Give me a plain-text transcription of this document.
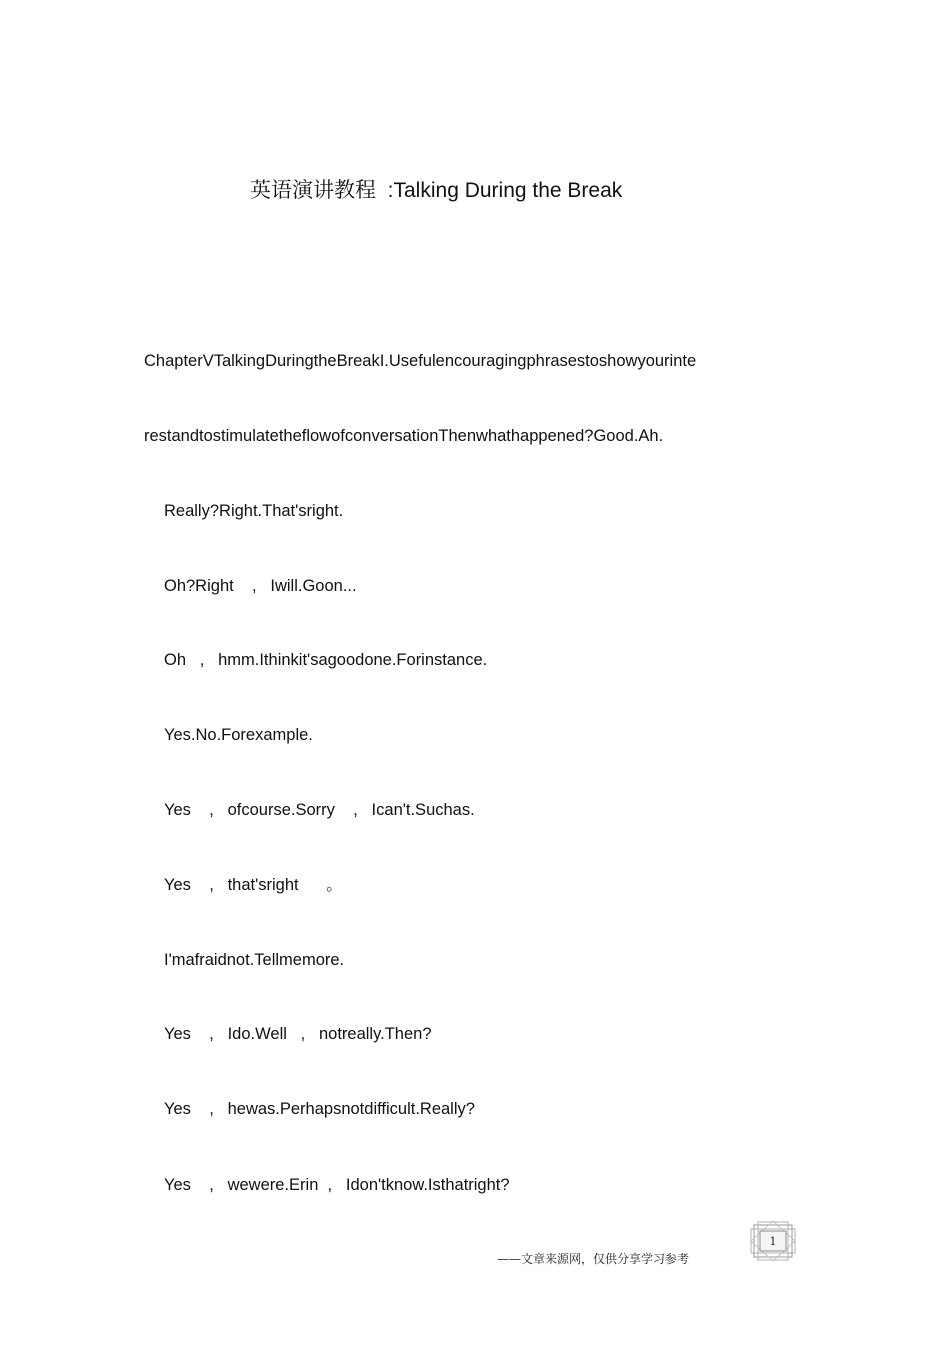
英语演讲教程  :Talking During the Break
ChapterVTalkingDuringtheBreakI.Usefulencouragingphrasestoshowyourinte
restandtostimulatetheflowofconversationThenwhathappened?Good.Ah.
Really?Right.That'sright.
Oh?Right    ,   Iwill.Goon...
Oh   ,   hmm.Ithinkit'sagoodone.Forinstance.
Yes.No.Forexample.
Yes    ,   ofcourse.Sorry    ,   Ican't.Suchas.
Yes    ,   that'sright      。
I'mafraidnot.Tellmemore.
Yes    ,   Ido.Well   ,   notreally.Then?
Yes    ,   hewas.Perhapsnotdifficult.Really?
Yes    ,   wewere.Erin  ,   Idon'tknow.Isthatright?
——文章来源网，仅供分享学习参考
1
